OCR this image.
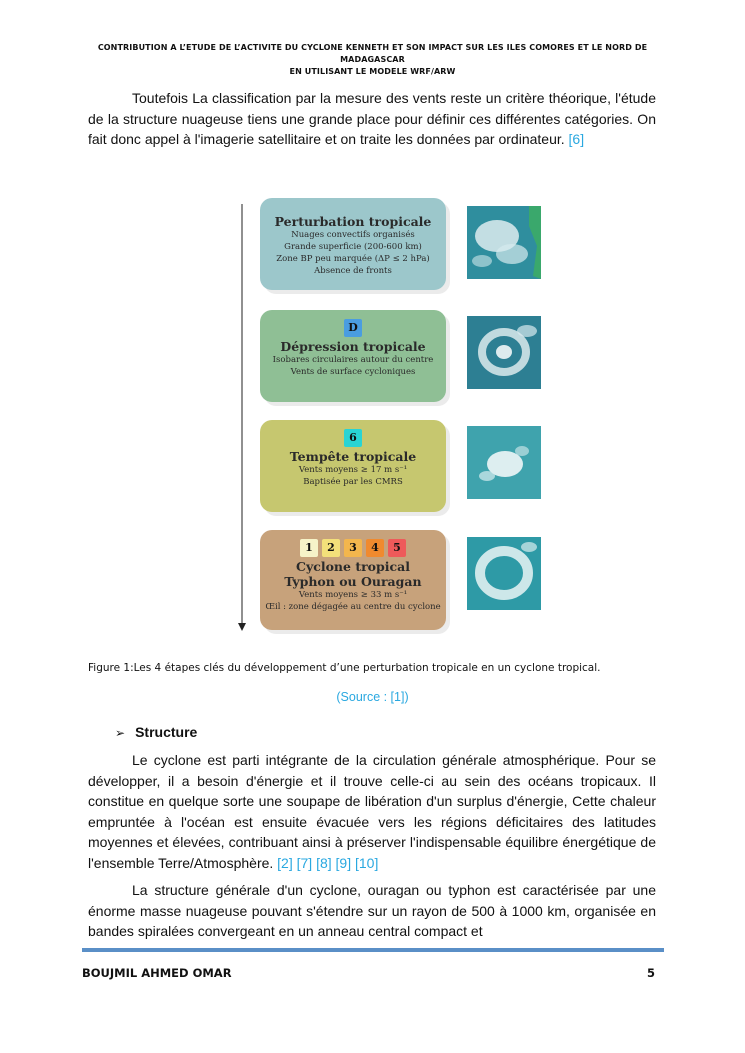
CONTRIBUTION A L’ETUDE DE L’ACTIVITE DU CYCLONE KENNETH ET SON IMPACT SUR LES ILES COMORES ET LE NORD DE MADAGASCAR
EN UTILISANT LE MODELE WRF/ARW
Toutefois La classification par la mesure des vents reste un critère théorique, l'étude de la structure nuageuse tiens une grande place pour définir ces différentes catégories. On fait donc appel à l'imagerie satellitaire et on traite les données par ordinateur. [6]
Perturbation tropicale
Nuages convectifs organisés
Grande superficie (200-600 km)
Zone BP peu marquée (ΔP ≤ 2 hPa)
Absence de fronts
D
Dépression tropicale
Isobares circulaires autour du centre
Vents de surface cycloniques
6
Tempête tropicale
Vents moyens ≥ 17 m s⁻¹
Baptisée par les CMRS
1 2 3 4 5
Cyclone tropical
Typhon ou Ouragan
Vents moyens ≥ 33 m s⁻¹
Œil : zone dégagée au centre du cyclone
Figure 1:Les 4 étapes clés du développement d’une perturbation tropicale en un cyclone tropical.
(Source : [1])
➢ Structure
Le cyclone est parti intégrante de la circulation générale atmosphérique. Pour se développer, il a besoin d'énergie et il trouve celle-ci au sein des océans tropicaux. Il constitue en quelque sorte une soupape de libération d'un surplus d'énergie, Cette chaleur empruntée à l'océan est ensuite évacuée vers les régions déficitaires des latitudes moyennes et élevées, contribuant ainsi à préserver l'indispensable équilibre énergétique de l'ensemble Terre/Atmosphère. [2] [7] [8] [9] [10]
La structure générale d'un cyclone, ouragan ou typhon est caractérisée par une énorme masse nuageuse pouvant s'étendre sur un rayon de 500 à 1000 km, organisée en bandes spiralées convergeant en un anneau central compact et
BOUJMIL AHMED OMAR	5
